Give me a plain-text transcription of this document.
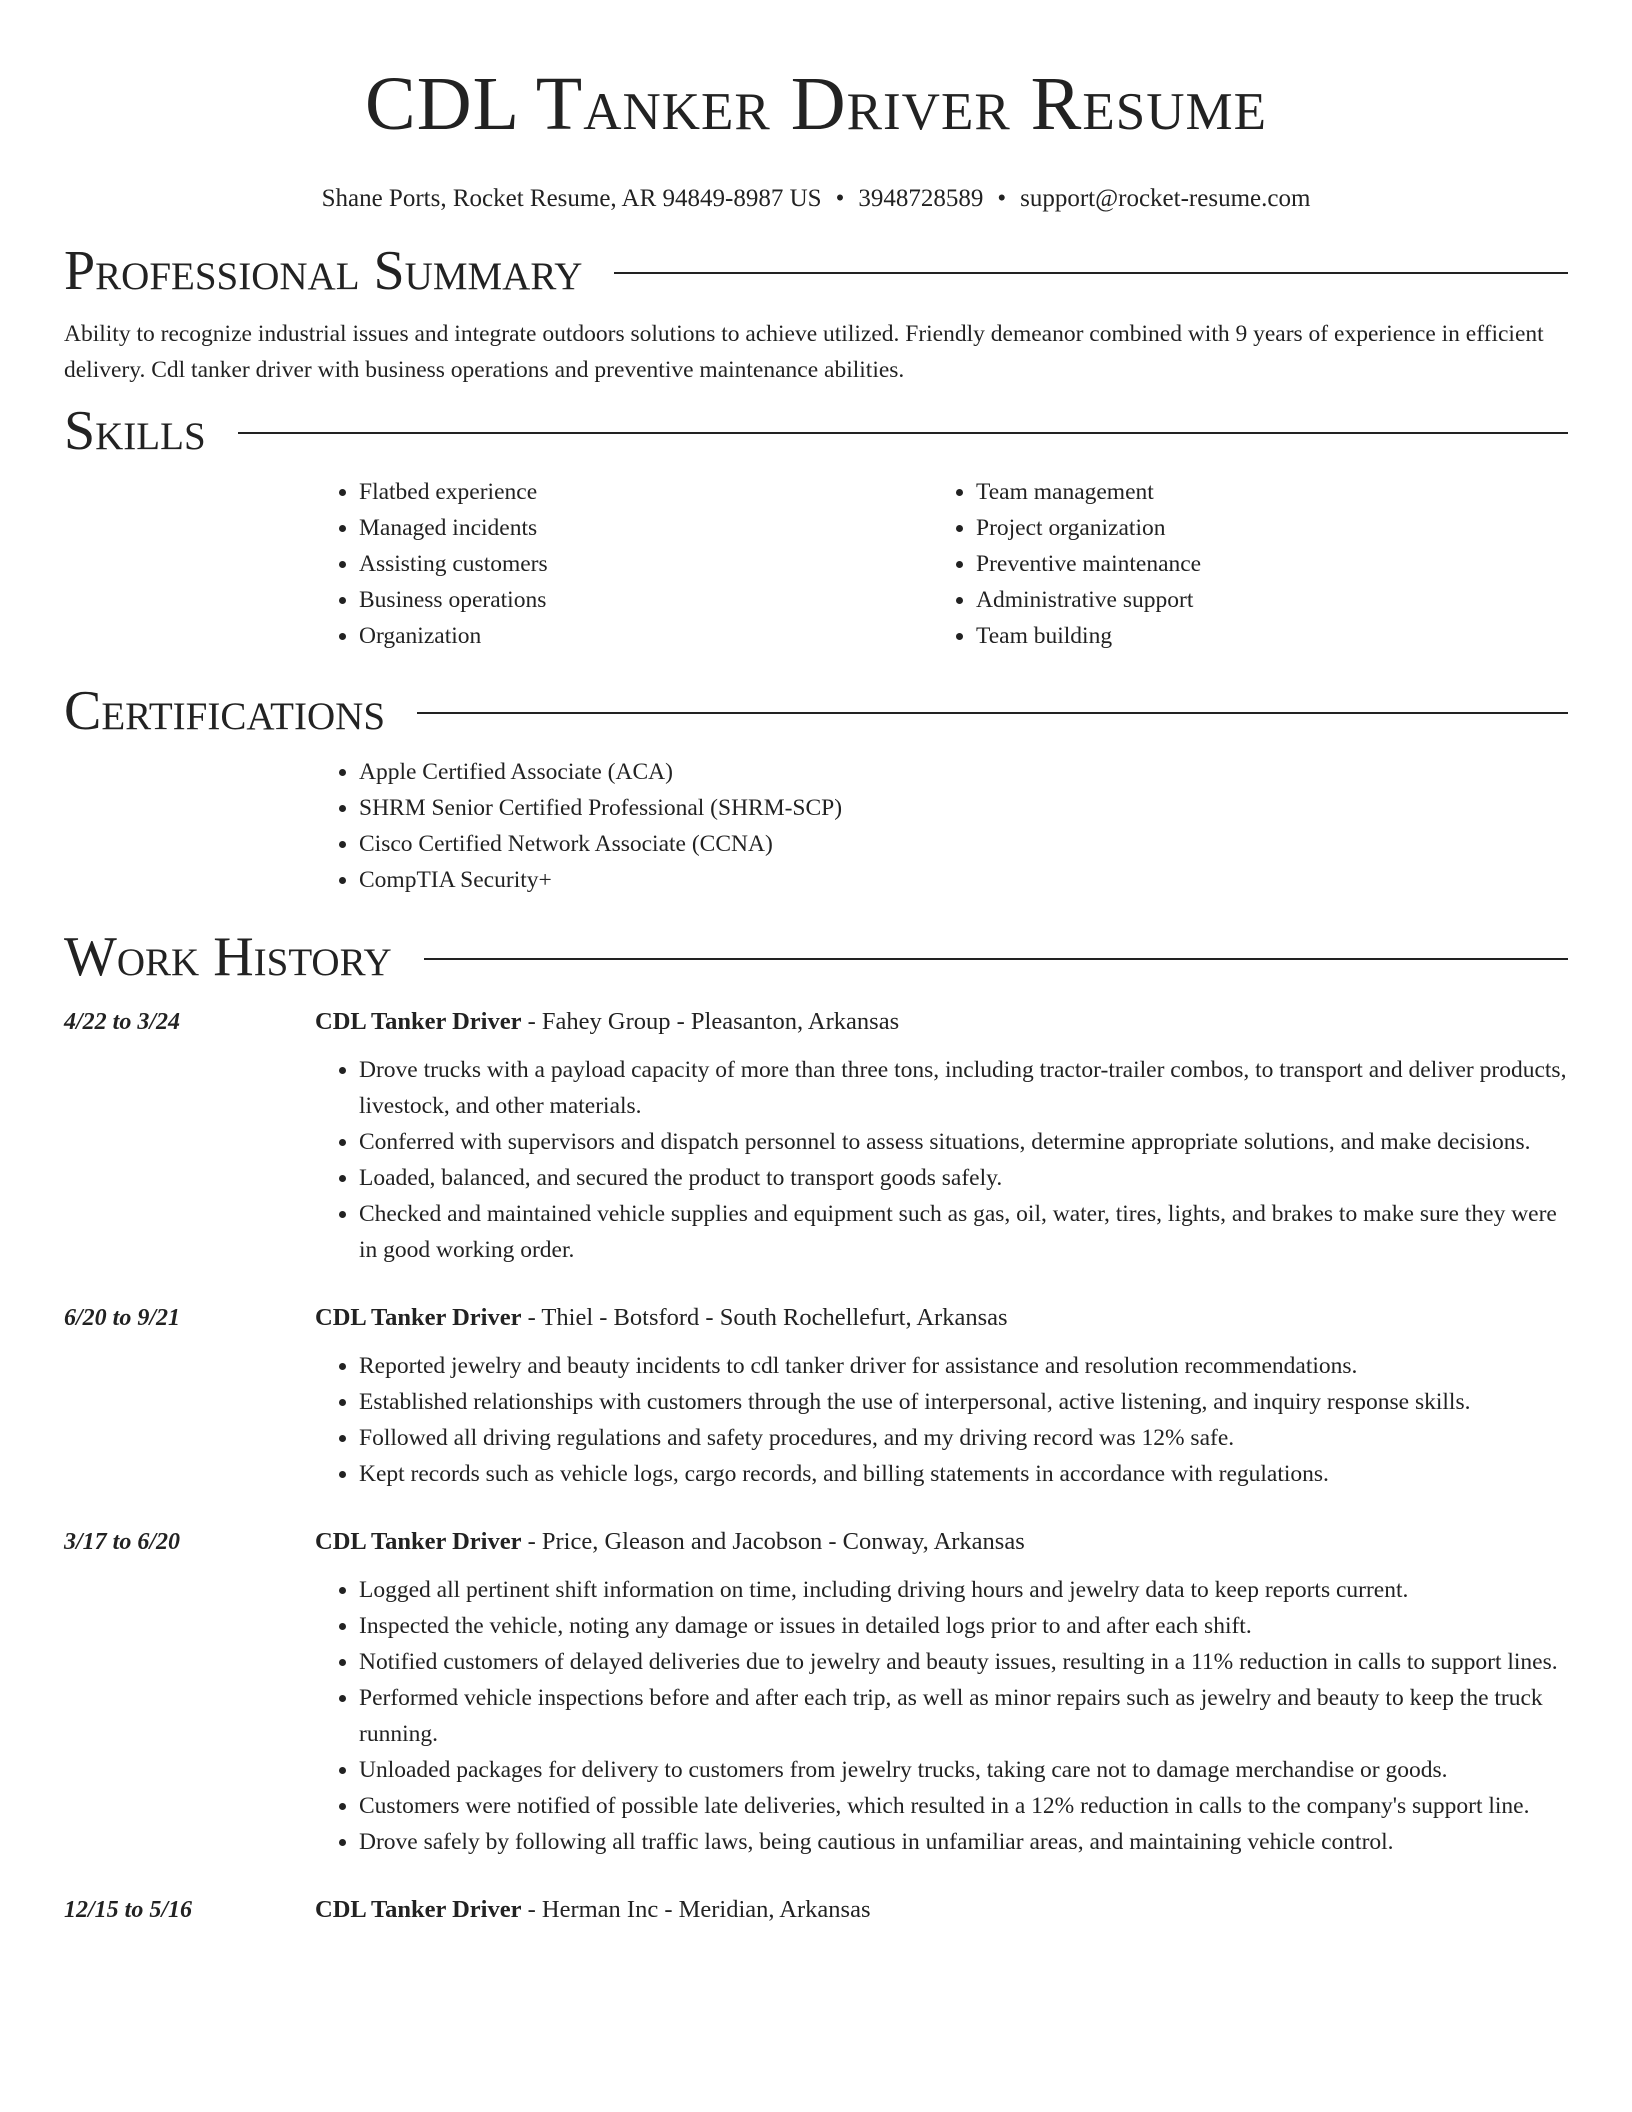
CDL Tanker Driver Resume
Shane Ports, Rocket Resume, AR 94849-8987 US • 3948728589 • support@rocket-resume.com
Professional Summary

Ability to recognize industrial issues and integrate outdoors solutions to achieve utilized. Friendly demeanor combined with 9 years of experience in efficient delivery. Cdl tanker driver with business operations and preventive maintenance abilities.

Skills
• Flatbed experience
• Managed incidents
• Assisting customers
• Business operations
• Organization
• Team management
• Project organization
• Preventive maintenance
• Administrative support
• Team building
Certifications
• Apple Certified Associate (ACA)
• SHRM Senior Certified Professional (SHRM-SCP)
• Cisco Certified Network Associate (CCNA)
• CompTIA Security+
Work History
4/22 to 3/24	CDL Tanker Driver - Fahey Group - Pleasanton, Arkansas
• Drove trucks with a payload capacity of more than three tons, including tractor-trailer combos, to transport and deliver products, livestock, and other materials.
• Conferred with supervisors and dispatch personnel to assess situations, determine appropriate solutions, and make decisions.
• Loaded, balanced, and secured the product to transport goods safely.
• Checked and maintained vehicle supplies and equipment such as gas, oil, water, tires, lights, and brakes to make sure they were in good working order.
6/20 to 9/21	CDL Tanker Driver - Thiel - Botsford - South Rochellefurt, Arkansas
• Reported jewelry and beauty incidents to cdl tanker driver for assistance and resolution recommendations.
• Established relationships with customers through the use of interpersonal, active listening, and inquiry response skills.
• Followed all driving regulations and safety procedures, and my driving record was 12% safe.
• Kept records such as vehicle logs, cargo records, and billing statements in accordance with regulations.
3/17 to 6/20	CDL Tanker Driver - Price, Gleason and Jacobson - Conway, Arkansas
• Logged all pertinent shift information on time, including driving hours and jewelry data to keep reports current.
• Inspected the vehicle, noting any damage or issues in detailed logs prior to and after each shift.
• Notified customers of delayed deliveries due to jewelry and beauty issues, resulting in a 11% reduction in calls to support lines.
• Performed vehicle inspections before and after each trip, as well as minor repairs such as jewelry and beauty to keep the truck running.
• Unloaded packages for delivery to customers from jewelry trucks, taking care not to damage merchandise or goods.
• Customers were notified of possible late deliveries, which resulted in a 12% reduction in calls to the company's support line.
• Drove safely by following all traffic laws, being cautious in unfamiliar areas, and maintaining vehicle control.
12/15 to 5/16	CDL Tanker Driver - Herman Inc - Meridian, Arkansas
